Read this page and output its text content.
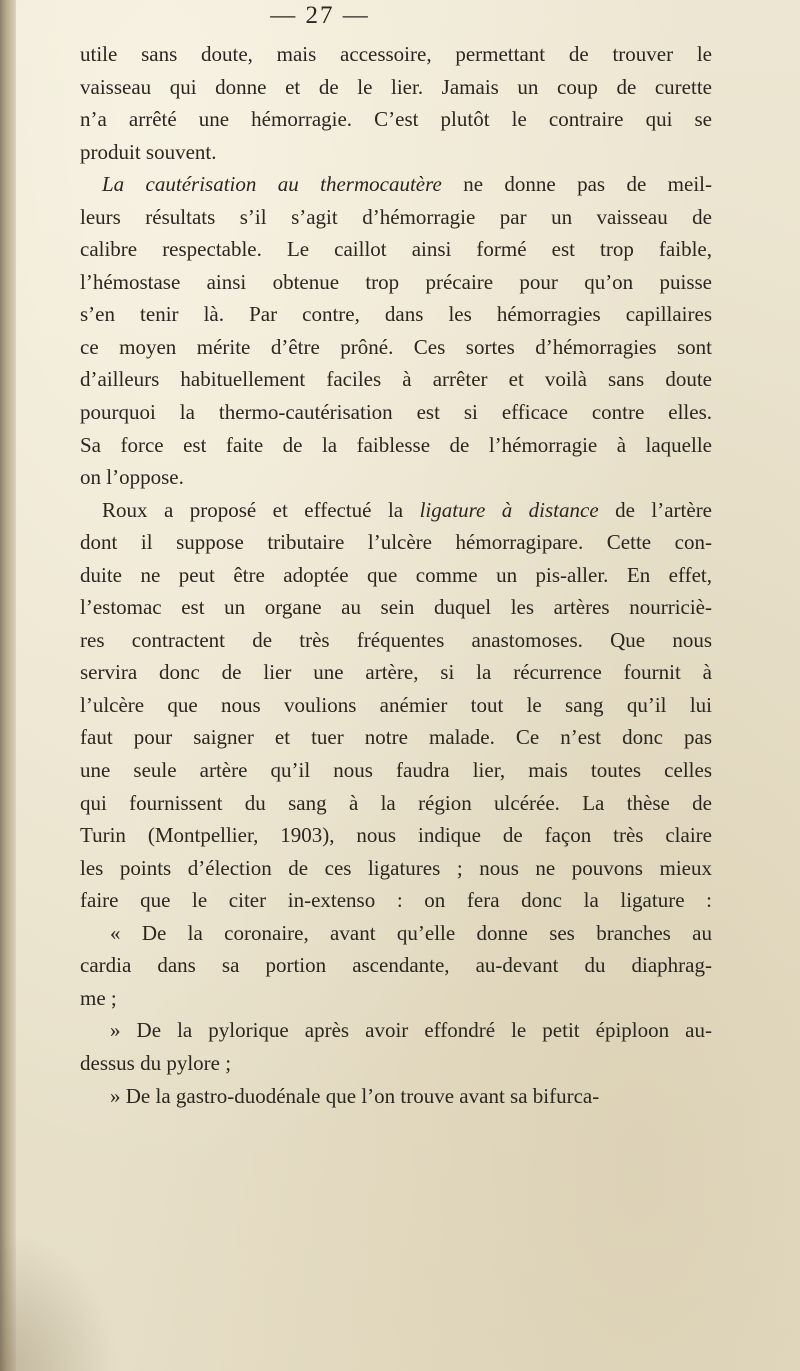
— 27 —
utile sans doute, mais accessoire, permettant de trouver le
vaisseau qui donne et de le lier. Jamais un coup de curette
n’a arrêté une hémorragie. C’est plutôt le contraire qui se
produit souvent.
La cautérisation au thermocautère ne donne pas de meil-
leurs résultats s’il s’agit d’hémorragie par un vaisseau de
calibre respectable. Le caillot ainsi formé est trop faible,
l’hémostase ainsi obtenue trop précaire pour qu’on puisse
s’en tenir là. Par contre, dans les hémorragies capillaires
ce moyen mérite d’être prôné. Ces sortes d’hémorragies sont
d’ailleurs habituellement faciles à arrêter et voilà sans doute
pourquoi la thermo-cautérisation est si efficace contre elles.
Sa force est faite de la faiblesse de l’hémorragie à laquelle
on l’oppose.
Roux a proposé et effectué la ligature à distance de l’artère
dont il suppose tributaire l’ulcère hémorragipare. Cette con-
duite ne peut être adoptée que comme un pis-aller. En effet,
l’estomac est un organe au sein duquel les artères nourriciè-
res contractent de très fréquentes anastomoses. Que nous
servira donc de lier une artère, si la récurrence fournit à
l’ulcère que nous voulions anémier tout le sang qu’il lui
faut pour saigner et tuer notre malade. Ce n’est donc pas
une seule artère qu’il nous faudra lier, mais toutes celles
qui fournissent du sang à la région ulcérée. La thèse de
Turin (Montpellier, 1903), nous indique de façon très claire
les points d’élection de ces ligatures ; nous ne pouvons mieux
faire que le citer in-extenso : on fera donc la ligature :
« De la coronaire, avant qu’elle donne ses branches au
cardia dans sa portion ascendante, au-devant du diaphrag-
me ;
» De la pylorique après avoir effondré le petit épiploon au-
dessus du pylore ;
» De la gastro-duodénale que l’on trouve avant sa bifurca-
